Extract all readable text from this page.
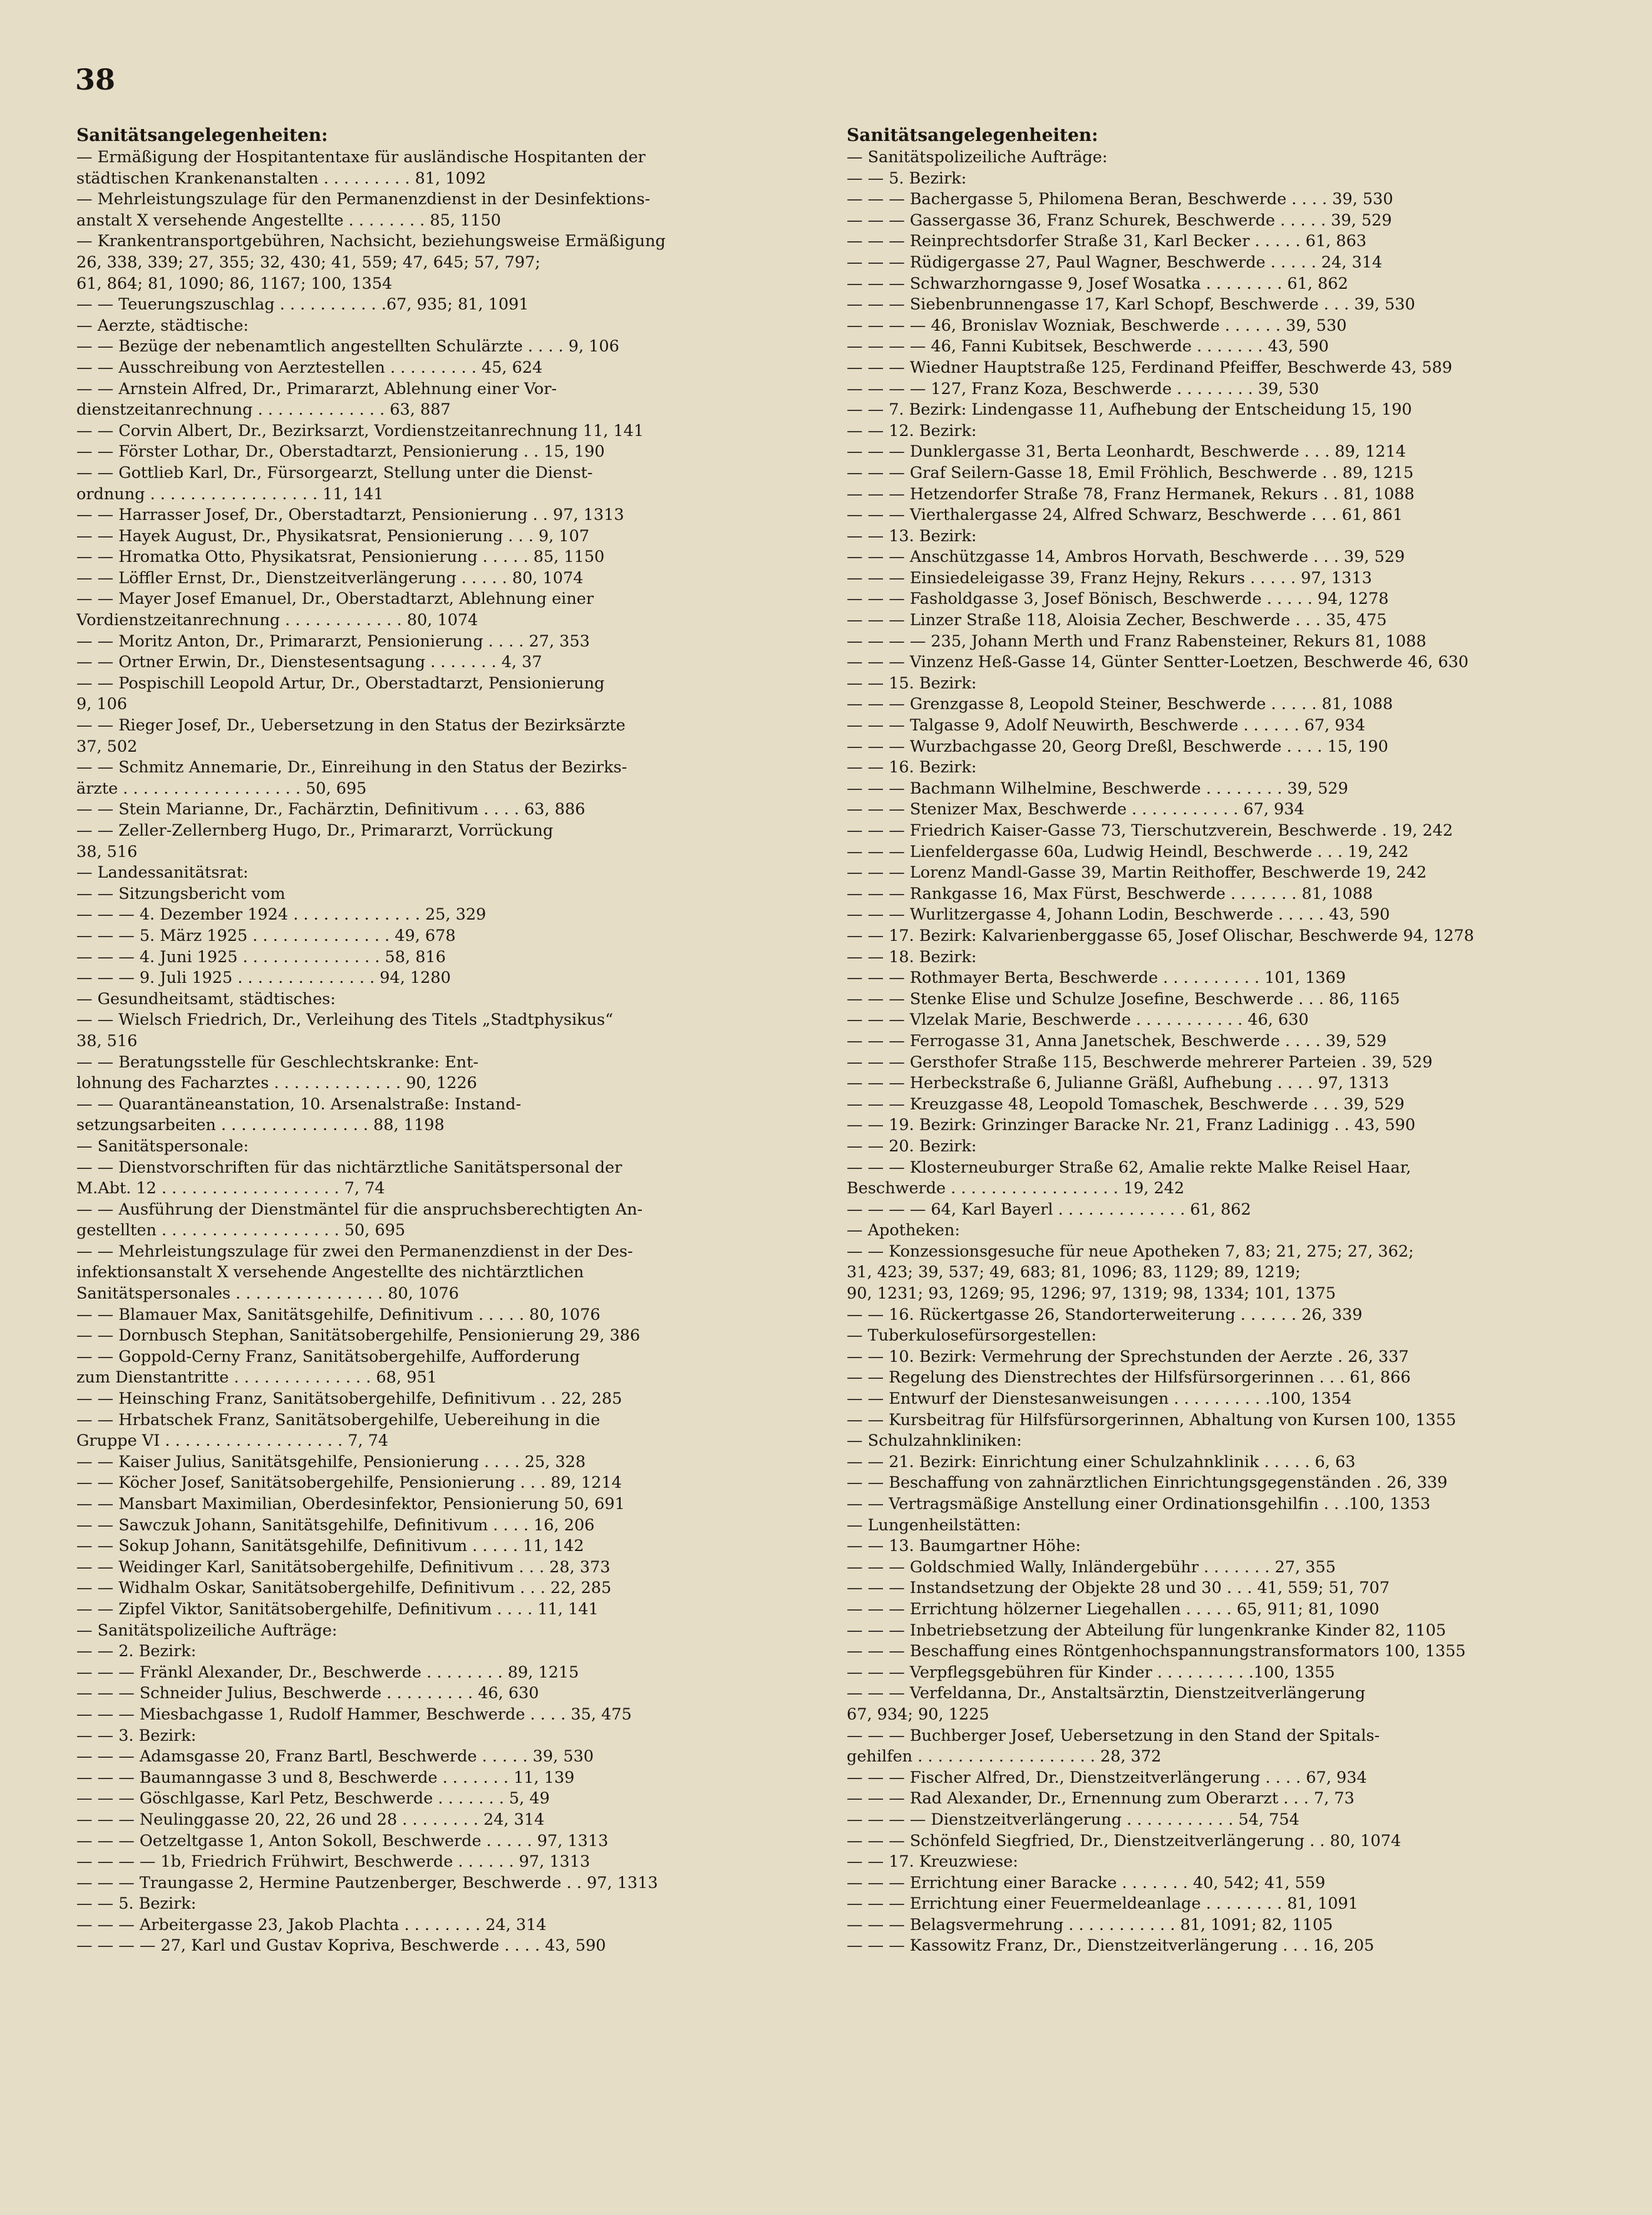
38
Sanitätsangelegenheiten:
— Ermäßigung der Hospitantentaxe für ausländische Hospitanten der
städtischen Krankenanstalten . . . . . . . . . 81, 1092
— Mehrleistungszulage für den Permanenzdienst in der Desinfektions-
anstalt X versehende Angestellte . . . . . . . . 85, 1150
— Krankentransportgebühren, Nachsicht, beziehungsweise Ermäßigung
26, 338, 339; 27, 355; 32, 430; 41, 559; 47, 645; 57, 797;
61, 864; 81, 1090; 86, 1167; 100, 1354
— — Teuerungszuschlag . . . . . . . . . . .67, 935; 81, 1091
— Aerzte, städtische:
— — Bezüge der nebenamtlich angestellten Schulärzte . . . . 9, 106
— — Ausschreibung von Aerztestellen . . . . . . . . . 45, 624
— — Arnstein Alfred, Dr., Primararzt, Ablehnung einer Vor-
dienstzeitanrechnung . . . . . . . . . . . . . 63, 887
— — Corvin Albert, Dr., Bezirksarzt, Vordienstzeitanrechnung 11, 141
— — Förster Lothar, Dr., Oberstadtarzt, Pensionierung . . 15, 190
— — Gottlieb Karl, Dr., Fürsorgearzt, Stellung unter die Dienst-
ordnung . . . . . . . . . . . . . . . . . 11, 141
— — Harrasser Josef, Dr., Oberstadtarzt, Pensionierung . . 97, 1313
— — Hayek August, Dr., Physikatsrat, Pensionierung . . . 9, 107
— — Hromatka Otto, Physikatsrat, Pensionierung . . . . . 85, 1150
— — Löffler Ernst, Dr., Dienstzeitverlängerung . . . . . 80, 1074
— — Mayer Josef Emanuel, Dr., Oberstadtarzt, Ablehnung einer
Vordienstzeitanrechnung . . . . . . . . . . . . 80, 1074
— — Moritz Anton, Dr., Primararzt, Pensionierung . . . . 27, 353
— — Ortner Erwin, Dr., Dienstesentsagung . . . . . . . 4, 37
— — Pospischill Leopold Artur, Dr., Oberstadtarzt, Pensionierung
9, 106
— — Rieger Josef, Dr., Uebersetzung in den Status der Bezirksärzte
37, 502
— — Schmitz Annemarie, Dr., Einreihung in den Status der Bezirks-
ärzte . . . . . . . . . . . . . . . . . . 50, 695
— — Stein Marianne, Dr., Fachärztin, Definitivum . . . . 63, 886
— — Zeller-Zellernberg Hugo, Dr., Primararzt, Vorrückung
38, 516
— Landessanitätsrat:
— — Sitzungsbericht vom
— — — 4. Dezember 1924 . . . . . . . . . . . . . 25, 329
— — — 5. März 1925 . . . . . . . . . . . . . . 49, 678
— — — 4. Juni 1925 . . . . . . . . . . . . . . 58, 816
— — — 9. Juli 1925 . . . . . . . . . . . . . . 94, 1280
— Gesundheitsamt, städtisches:
— — Wielsch Friedrich, Dr., Verleihung des Titels „Stadtphysikus“
38, 516
— — Beratungsstelle für Geschlechtskranke: Ent-
lohnung des Facharztes . . . . . . . . . . . . . 90, 1226
— — Quarantäneanstation, 10. Arsenalstraße: Instand-
setzungsarbeiten . . . . . . . . . . . . . . . 88, 1198
— Sanitätspersonale:
— — Dienstvorschriften für das nichtärztliche Sanitätspersonal der
M.Abt. 12 . . . . . . . . . . . . . . . . . . 7, 74
— — Ausführung der Dienstmäntel für die anspruchsberechtigten An-
gestellten . . . . . . . . . . . . . . . . . . 50, 695
— — Mehrleistungszulage für zwei den Permanenzdienst in der Des-
infektionsanstalt X versehende Angestellte des nichtärztlichen
Sanitätspersonales . . . . . . . . . . . . . . . 80, 1076
— — Blamauer Max, Sanitätsgehilfe, Definitivum . . . . . 80, 1076
— — Dornbusch Stephan, Sanitätsobergehilfe, Pensionierung 29, 386
— — Goppold-Cerny Franz, Sanitätsobergehilfe, Aufforderung
zum Dienstantritte . . . . . . . . . . . . . . 68, 951
— — Heinsching Franz, Sanitätsobergehilfe, Definitivum . . 22, 285
— — Hrbatschek Franz, Sanitätsobergehilfe, Uebereihung in die
Gruppe VI . . . . . . . . . . . . . . . . . . 7, 74
— — Kaiser Julius, Sanitätsgehilfe, Pensionierung . . . . 25, 328
— — Köcher Josef, Sanitätsobergehilfe, Pensionierung . . . 89, 1214
— — Mansbart Maximilian, Oberdesinfektor, Pensionierung 50, 691
— — Sawczuk Johann, Sanitätsgehilfe, Definitivum . . . . 16, 206
— — Sokup Johann, Sanitätsgehilfe, Definitivum . . . . . 11, 142
— — Weidinger Karl, Sanitätsobergehilfe, Definitivum . . . 28, 373
— — Widhalm Oskar, Sanitätsobergehilfe, Definitivum . . . 22, 285
— — Zipfel Viktor, Sanitätsobergehilfe, Definitivum . . . . 11, 141
— Sanitätspolizeiliche Aufträge:
— — 2. Bezirk:
— — — Fränkl Alexander, Dr., Beschwerde . . . . . . . . 89, 1215
— — — Schneider Julius, Beschwerde . . . . . . . . . 46, 630
— — — Miesbachgasse 1, Rudolf Hammer, Beschwerde . . . . 35, 475
— — 3. Bezirk:
— — — Adamsgasse 20, Franz Bartl, Beschwerde . . . . . 39, 530
— — — Baumanngasse 3 und 8, Beschwerde . . . . . . . 11, 139
— — — Göschlgasse, Karl Petz, Beschwerde . . . . . . . 5, 49
— — — Neulinggasse 20, 22, 26 und 28 . . . . . . . . 24, 314
— — — Oetzeltgasse 1, Anton Sokoll, Beschwerde . . . . . 97, 1313
— — — — 1b, Friedrich Frühwirt, Beschwerde . . . . . . 97, 1313
— — — Traungasse 2, Hermine Pautzenberger, Beschwerde . . 97, 1313
— — 5. Bezirk:
— — — Arbeitergasse 23, Jakob Plachta . . . . . . . . 24, 314
— — — — 27, Karl und Gustav Kopriva, Beschwerde . . . . 43, 590
Sanitätsangelegenheiten:
— Sanitätspolizeiliche Aufträge:
— — 5. Bezirk:
— — — Bachergasse 5, Philomena Beran, Beschwerde . . . . 39, 530
— — — Gassergasse 36, Franz Schurek, Beschwerde . . . . . 39, 529
— — — Reinprechtsdorfer Straße 31, Karl Becker . . . . . 61, 863
— — — Rüdigergasse 27, Paul Wagner, Beschwerde . . . . . 24, 314
— — — Schwarzhorngasse 9, Josef Wosatka . . . . . . . . 61, 862
— — — Siebenbrunnengasse 17, Karl Schopf, Beschwerde . . . 39, 530
— — — — 46, Bronislav Wozniak, Beschwerde . . . . . . 39, 530
— — — — 46, Fanni Kubitsek, Beschwerde . . . . . . . 43, 590
— — — Wiedner Hauptstraße 125, Ferdinand Pfeiffer, Beschwerde 43, 589
— — — — 127, Franz Koza, Beschwerde . . . . . . . . 39, 530
— — 7. Bezirk: Lindengasse 11, Aufhebung der Entscheidung 15, 190
— — 12. Bezirk:
— — — Dunklergasse 31, Berta Leonhardt, Beschwerde . . . 89, 1214
— — — Graf Seilern-Gasse 18, Emil Fröhlich, Beschwerde . . 89, 1215
— — — Hetzendorfer Straße 78, Franz Hermanek, Rekurs . . 81, 1088
— — — Vierthalergasse 24, Alfred Schwarz, Beschwerde . . . 61, 861
— — 13. Bezirk:
— — — Anschützgasse 14, Ambros Horvath, Beschwerde . . . 39, 529
— — — Einsiedeleigasse 39, Franz Hejny, Rekurs . . . . . 97, 1313
— — — Fasholdgasse 3, Josef Bönisch, Beschwerde . . . . . 94, 1278
— — — Linzer Straße 118, Aloisia Zecher, Beschwerde . . . 35, 475
— — — — 235, Johann Merth und Franz Rabensteiner, Rekurs 81, 1088
— — — Vinzenz Heß-Gasse 14, Günter Sentter-Loetzen, Beschwerde 46, 630
— — 15. Bezirk:
— — — Grenzgasse 8, Leopold Steiner, Beschwerde . . . . . 81, 1088
— — — Talgasse 9, Adolf Neuwirth, Beschwerde . . . . . . 67, 934
— — — Wurzbachgasse 20, Georg Dreßl, Beschwerde . . . . 15, 190
— — 16. Bezirk:
— — — Bachmann Wilhelmine, Beschwerde . . . . . . . . 39, 529
— — — Stenizer Max, Beschwerde . . . . . . . . . . . 67, 934
— — — Friedrich Kaiser-Gasse 73, Tierschutzverein, Beschwerde . 19, 242
— — — Lienfeldergasse 60a, Ludwig Heindl, Beschwerde . . . 19, 242
— — — Lorenz Mandl-Gasse 39, Martin Reithoffer, Beschwerde 19, 242
— — — Rankgasse 16, Max Fürst, Beschwerde . . . . . . . 81, 1088
— — — Wurlitzergasse 4, Johann Lodin, Beschwerde . . . . . 43, 590
— — 17. Bezirk: Kalvarienberggasse 65, Josef Olischar, Beschwerde 94, 1278
— — 18. Bezirk:
— — — Rothmayer Berta, Beschwerde . . . . . . . . . . 101, 1369
— — — Stenke Elise und Schulze Josefine, Beschwerde . . . 86, 1165
— — — Vlzelak Marie, Beschwerde . . . . . . . . . . . 46, 630
— — — Ferrogasse 31, Anna Janetschek, Beschwerde . . . . 39, 529
— — — Gersthofer Straße 115, Beschwerde mehrerer Parteien . 39, 529
— — — Herbeckstraße 6, Julianne Gräßl, Aufhebung . . . . 97, 1313
— — — Kreuzgasse 48, Leopold Tomaschek, Beschwerde . . . 39, 529
— — 19. Bezirk: Grinzinger Baracke Nr. 21, Franz Ladinigg . . 43, 590
— — 20. Bezirk:
— — — Klosterneuburger Straße 62, Amalie rekte Malke Reisel Haar,
Beschwerde . . . . . . . . . . . . . . . . . 19, 242
— — — — 64, Karl Bayerl . . . . . . . . . . . . . 61, 862
— Apotheken:
— — Konzessionsgesuche für neue Apotheken 7, 83; 21, 275; 27, 362;
31, 423; 39, 537; 49, 683; 81, 1096; 83, 1129; 89, 1219;
90, 1231; 93, 1269; 95, 1296; 97, 1319; 98, 1334; 101, 1375
— — 16. Rückertgasse 26, Standorterweiterung . . . . . . 26, 339
— Tuberkulosefürsorgestellen:
— — 10. Bezirk: Vermehrung der Sprechstunden der Aerzte . 26, 337
— — Regelung des Dienstrechtes der Hilfsfürsorgerinnen . . . 61, 866
— — Entwurf der Dienstesanweisungen . . . . . . . . . .100, 1354
— — Kursbeitrag für Hilfsfürsorgerinnen, Abhaltung von Kursen 100, 1355
— Schulzahnkliniken:
— — 21. Bezirk: Einrichtung einer Schulzahnklinik . . . . . 6, 63
— — Beschaffung von zahnärztlichen Einrichtungsgegenständen . 26, 339
— — Vertragsmäßige Anstellung einer Ordinationsgehilfin . . .100, 1353
— Lungenheilstätten:
— — 13. Baumgartner Höhe:
— — — Goldschmied Wally, Inländergebühr . . . . . . . 27, 355
— — — Instandsetzung der Objekte 28 und 30 . . . 41, 559; 51, 707
— — — Errichtung hölzerner Liegehallen . . . . . 65, 911; 81, 1090
— — — Inbetriebsetzung der Abteilung für lungenkranke Kinder 82, 1105
— — — Beschaffung eines Röntgenhochspannungstransformators 100, 1355
— — — Verpflegsgebühren für Kinder . . . . . . . . . .100, 1355
— — — Verfeldanna, Dr., Anstaltsärztin, Dienstzeitverlängerung
67, 934; 90, 1225
— — — Buchberger Josef, Uebersetzung in den Stand der Spitals-
gehilfen . . . . . . . . . . . . . . . . . . 28, 372
— — — Fischer Alfred, Dr., Dienstzeitverlängerung . . . . 67, 934
— — — Rad Alexander, Dr., Ernennung zum Oberarzt . . . 7, 73
— — — — Dienstzeitverlängerung . . . . . . . . . . . 54, 754
— — — Schönfeld Siegfried, Dr., Dienstzeitverlängerung . . 80, 1074
— — 17. Kreuzwiese:
— — — Errichtung einer Baracke . . . . . . . 40, 542; 41, 559
— — — Errichtung einer Feuermeldeanlage . . . . . . . . 81, 1091
— — — Belagsvermehrung . . . . . . . . . . . 81, 1091; 82, 1105
— — — Kassowitz Franz, Dr., Dienstzeitverlängerung . . . 16, 205
